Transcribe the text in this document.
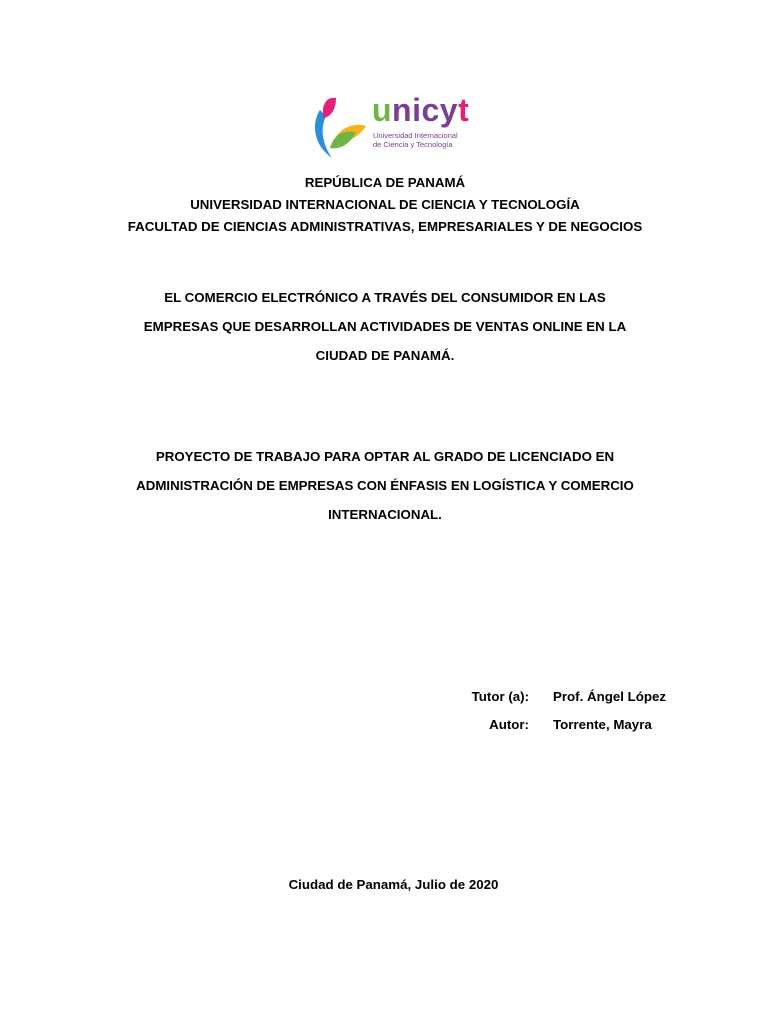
unicyt
Universidad Internacional
de Ciencia y Tecnología
REPÚBLICA DE PANAMÁ
UNIVERSIDAD INTERNACIONAL DE CIENCIA Y TECNOLOGÍA
FACULTAD DE CIENCIAS ADMINISTRATIVAS, EMPRESARIALES Y DE NEGOCIOS
EL COMERCIO ELECTRÓNICO A TRAVÉS DEL CONSUMIDOR EN LAS
EMPRESAS QUE DESARROLLAN ACTIVIDADES DE VENTAS ONLINE EN LA
CIUDAD DE PANAMÁ.
PROYECTO DE TRABAJO PARA OPTAR AL GRADO DE LICENCIADO EN
ADMINISTRACIÓN DE EMPRESAS CON ÉNFASIS EN LOGÍSTICA Y COMERCIO
INTERNACIONAL.
Tutor (a): Prof. Ángel López
Autor: Torrente, Mayra
Ciudad de Panamá, Julio de 2020
